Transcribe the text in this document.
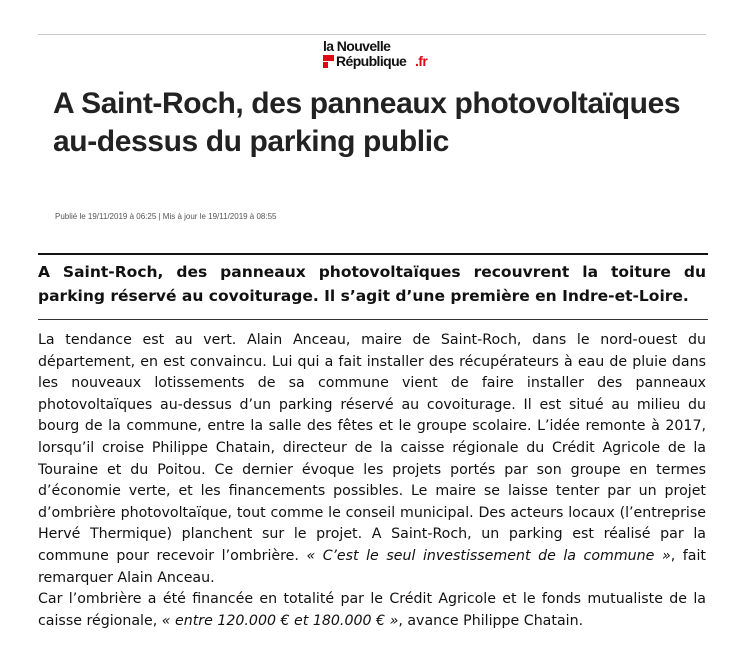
la Nouvelle
République .fr
A Saint-Roch, des panneaux photovoltaïques au-dessus du parking public
Publié le 19/11/2019 à 06:25 | Mis à jour le 19/11/2019 à 08:55

A Saint-Roch, des panneaux photovoltaïques recouvrent la toiture du parking réservé au covoiturage. Il s’agit d’une première en Indre-et-Loire.

La tendance est au vert. Alain Anceau, maire de Saint-Roch, dans le nord-ouest du département, en est convaincu. Lui qui a fait installer des récupérateurs à eau de pluie dans les nouveaux lotissements de sa commune vient de faire installer des panneaux photovoltaïques au-dessus d’un parking réservé au covoiturage. Il est situé au milieu du bourg de la commune, entre la salle des fêtes et le groupe scolaire. L’idée remonte à 2017, lorsqu’il croise Philippe Chatain, directeur de la caisse régionale du Crédit Agricole de la Touraine et du Poitou. Ce dernier évoque les projets portés par son groupe en termes d’économie verte, et les financements possibles. Le maire se laisse tenter par un projet d’ombrière photovoltaïque, tout comme le conseil municipal. Des acteurs locaux (l’entreprise Hervé Thermique) planchent sur le projet. A Saint-Roch, un parking est réalisé par la commune pour recevoir l’ombrière. « C’est le seul investissement de la commune », fait remarquer Alain Anceau.
Car l’ombrière a été financée en totalité par le Crédit Agricole et le fonds mutualiste de la caisse régionale, « entre 120.000 € et 180.000 € », avance Philippe Chatain.
